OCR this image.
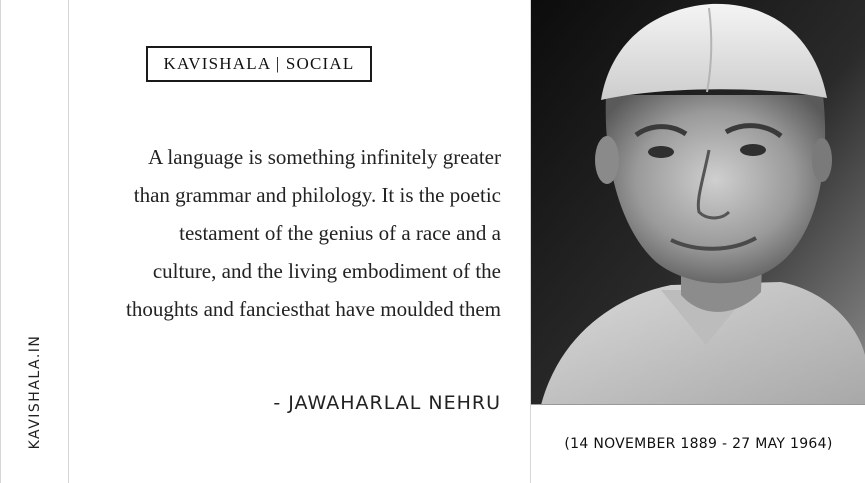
KAVISHALA.IN
KAVISHALA | SOCIAL
A language is something infinitely greater
than grammar and philology. It is the poetic
testament of the genius of a race and a
culture, and the living embodiment of the
thoughts and fanciesthat have moulded them
- JAWAHARLAL NEHRU
(14 NOVEMBER 1889 - 27 MAY 1964)
